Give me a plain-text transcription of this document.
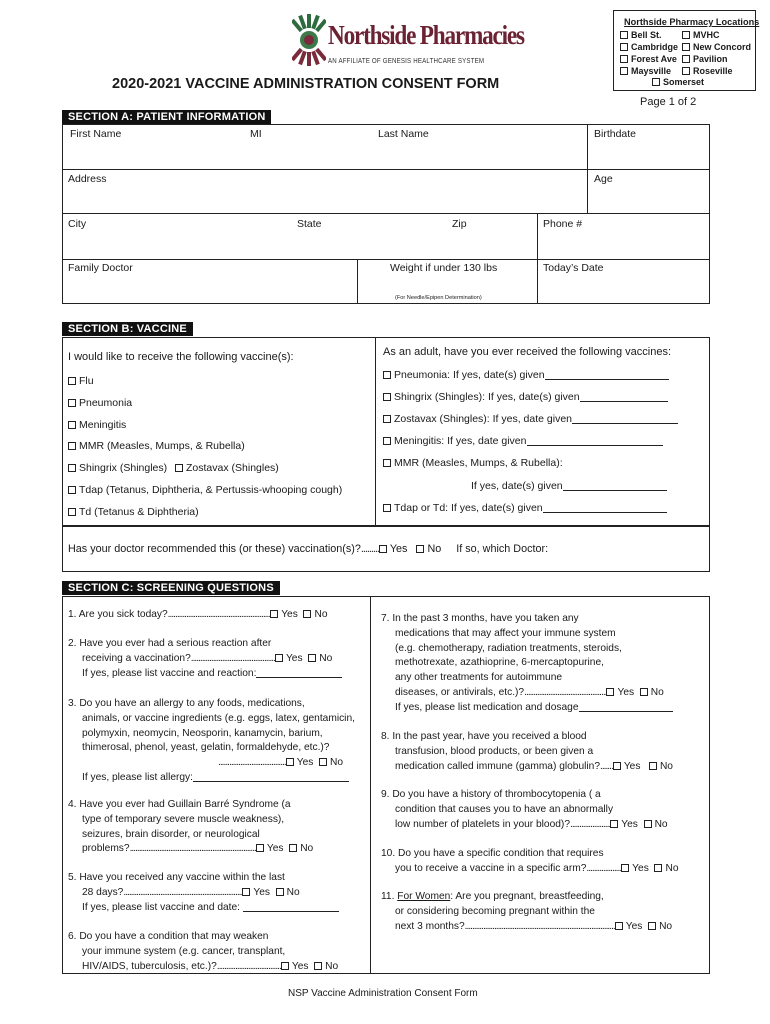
Northside Pharmacies
AN AFFILIATE OF GENESIS HEALTHCARE SYSTEM
2020-2021 VACCINE ADMINISTRATION CONSENT FORM
Northside Pharmacy Locations
Bell St.
Cambridge
Forest Ave
Maysville
MVHC
New Concord
Pavilion
Roseville
Somerset
Page 1 of 2
SECTION A: PATIENT INFORMATION
First Name	MI	Last Name	Birthdate
Address	Age
City	State	Zip	Phone #
Family Doctor	Weight if under 130 lbs	Today’s Date
(For Needle/Epipen Determination)
SECTION B: VACCINE
I would like to receive the following vaccine(s):
Flu
Pneumonia
Meningitis
MMR (Measles, Mumps, & Rubella)
Shingrix (Shingles)	Zostavax (Shingles)
Tdap (Tetanus, Diphtheria, & Pertussis-whooping cough)
Td (Tetanus & Diphtheria)
As an adult, have you ever received the following vaccines:
Pneumonia: If yes, date(s) given
Shingrix (Shingles): If yes, date(s) given
Zostavax (Shingles): If yes, date given
Meningitis: If yes, date given
MMR (Measles, Mumps, & Rubella):
If yes, date(s) given
Tdap or Td: If yes, date(s) given
Has your doctor recommended this (or these) vaccination(s)?......... Yes No If so, which Doctor:
SECTION C: SCREENING QUESTIONS
1. Are you sick today?........................................................ Yes No
2. Have you ever had a serious reaction after
receiving a vaccination?.............................................. Yes No
If yes, please list vaccine and reaction:
3. Do you have an allergy to any foods, medications,
animals, or vaccine ingredients (e.g. eggs, latex, gentamicin,
polymyxin, neomycin, Neosporin, kanamycin, barium,
thimerosal, phenol, yeast, gelatin, formaldehyde, etc.)?
..................................... Yes No
If yes, please list allergy:
4. Have you ever had Guillain Barré Syndrome (a
type of temporary severe muscle weakness),
seizures, brain disorder, or neurological
problems?..................................................................... Yes No
5. Have you received any vaccine within the last
28 days?................................................................. Yes No
If yes, please list vaccine and date:
6. Do you have a condition that may weaken
your immune system (e.g. cancer, transplant,
HIV/AIDS, tuberculosis, etc.)?................................... Yes No
7. In the past 3 months, have you taken any
medications that may affect your immune system
(e.g. chemotherapy, radiation treatments, steroids,
methotrexate, azathioprine, 6-mercaptopurine,
any other treatments for autoimmune
diseases, or antivirals, etc.)?............................................. Yes No
If yes, please list medication and dosage
8. In the past year, have you received a blood
transfusion, blood products, or been given a
medication called immune (gamma) globulin?....... Yes No
9. Do you have a history of thrombocytopenia ( a
condition that causes you to have an abnormally
low number of platelets in your blood)?...................... Yes No
10. Do you have a specific condition that requires
you to receive a vaccine in a specific arm?................... Yes No
11. For Women: Are you pregnant, breastfeeding,
or considering becoming pregnant within the
next 3 months?.................................................................................. Yes No
NSP Vaccine Administration Consent Form
